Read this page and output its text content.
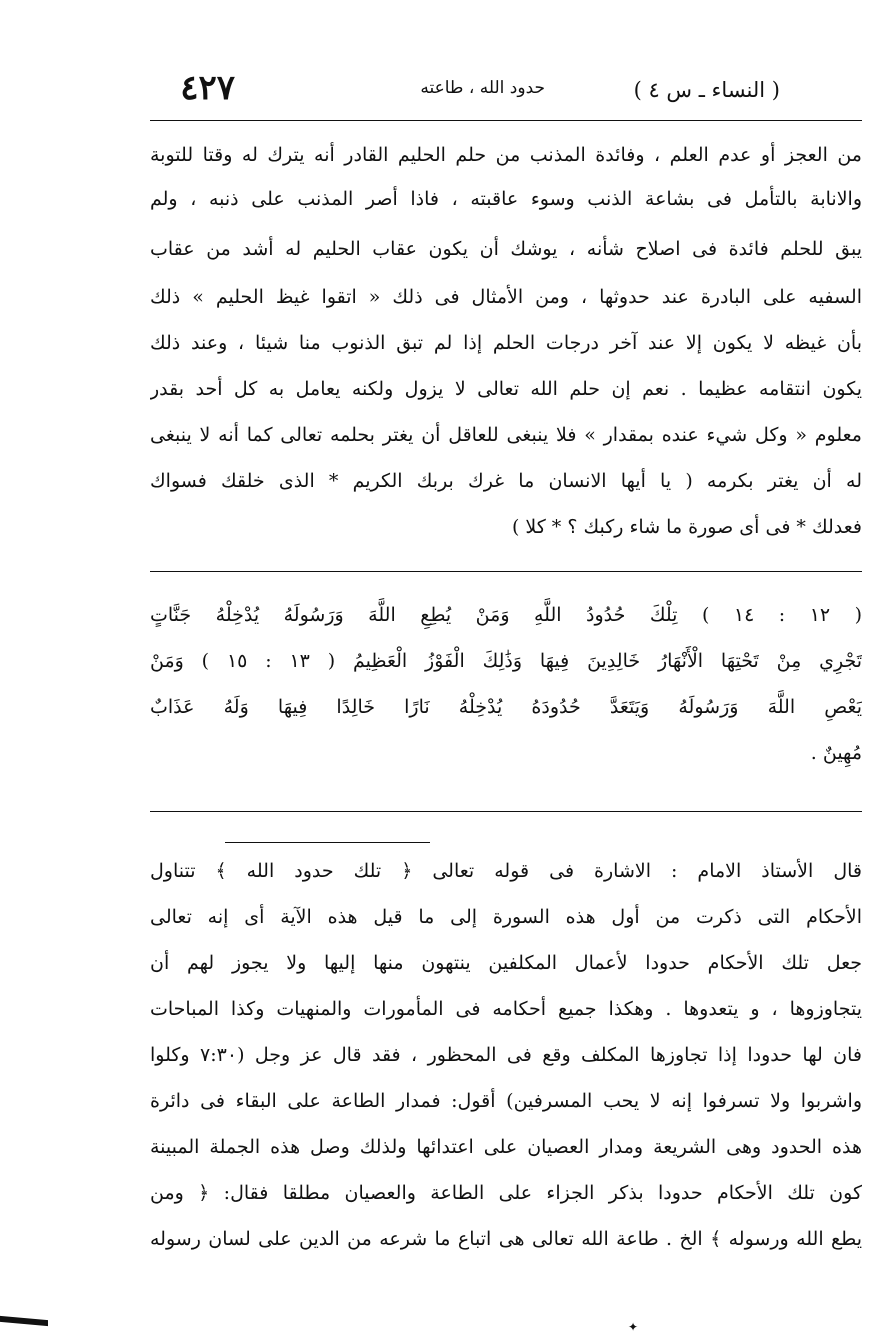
( النساء ـ س ٤ )
حدود الله ، طاعته
٤٢٧
من العجز أو عدم العلم ، وفائدة المذنب من حلم الحليم القادر أنه يترك له وقتا للتوبة
والانابة بالتأمل فى بشاعة الذنب وسوء عاقبته ، فاذا أصر المذنب على ذنبه ، ولم
يبق للحلم فائدة فى اصلاح شأنه ، يوشك أن يكون عقاب الحليم له أشد من عقاب
السفيه على البادرة عند حدوثها ، ومن الأمثال فى ذلك « اتقوا غيظ الحليم » ذلك
بأن غيظه لا يكون إلا عند آخر درجات الحلم إذا لم تبق الذنوب منا شيئا ، وعند ذلك
يكون انتقامه عظيما . نعم إن حلم الله تعالى لا يزول ولكنه يعامل به كل أحد بقدر
معلوم « وكل شيء عنده بمقدار » فلا ينبغى للعاقل أن يغتر بحلمه تعالى كما أنه لا ينبغى
له أن يغتر بكرمه ( يا أيها الانسان ما غرك بربك الكريم * الذى خلقك فسواك
فعدلك * فى أى صورة ما شاء ركبك ؟ * كلا )
( ١٢ : ١٤ ) تِلْكَ حُدُودُ اللَّهِ وَمَنْ يُطِعِ اللَّهَ وَرَسُولَهُ يُدْخِلْهُ جَنَّاتٍ
تَجْرِي مِنْ تَحْتِهَا الْأَنْهَارُ خَالِدِينَ فِيهَا وَذَٰلِكَ الْفَوْزُ الْعَظِيمُ ( ١٣ : ١٥ ) وَمَنْ
يَعْصِ اللَّهَ وَرَسُولَهُ وَيَتَعَدَّ حُدُودَهُ يُدْخِلْهُ نَارًا خَالِدًا فِيهَا وَلَهُ عَذَابٌ
مُهِينٌ .
قال الأستاذ الامام : الاشارة فى قوله تعالى ﴿ تلك حدود الله ﴾ تتناول
الأحكام التى ذكرت من أول هذه السورة إلى ما قيل هذه الآية أى إنه تعالى
جعل تلك الأحكام حدودا لأعمال المكلفين ينتهون منها إليها ولا يجوز لهم أن
يتجاوزوها ، و يتعدوها . وهكذا جميع أحكامه فى المأمورات والمنهيات وكذا المباحات
فان لها حدودا إذا تجاوزها المكلف وقع فى المحظور ، فقد قال عز وجل (٧:٣٠ وكلوا
واشربوا ولا تسرفوا إنه لا يحب المسرفين) أقول: فمدار الطاعة على البقاء فى دائرة
هذه الحدود وهى الشريعة ومدار العصيان على اعتدائها ولذلك وصل هذه الجملة المبينة
كون تلك الأحكام حدودا بذكر الجزاء على الطاعة والعصيان مطلقا فقال: ﴿ ومن
يطع الله ورسوله ﴾ الخ . طاعة الله تعالى هى اتباع ما شرعه من الدين على لسان رسوله
✦
